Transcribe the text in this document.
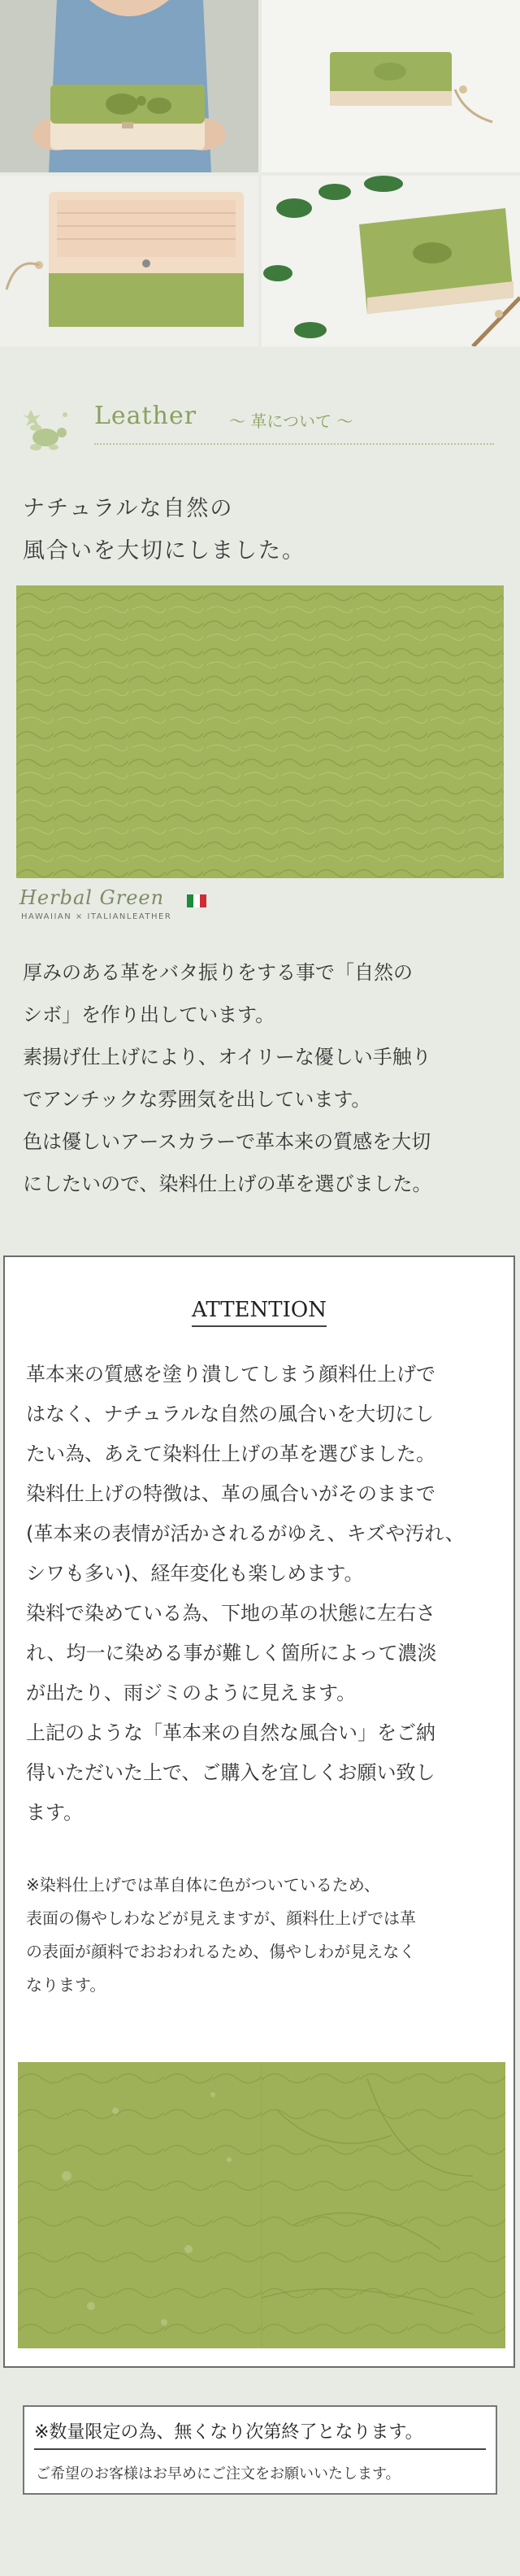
Leather 〜 革について 〜
ナチュラルな自然の
風合いを大切にしました。
Herbal Green
HAWAIIAN × ITALIANLEATHER

厚みのある革をバタ振りをする事で「自然の

シボ」を作り出しています。

素揚げ仕上げにより、オイリーな優しい手触り

でアンチックな雰囲気を出しています。

色は優しいアースカラーで革本来の質感を大切

にしたいので、染料仕上げの革を選びました。

ATTENTION

革本来の質感を塗り潰してしまう顔料仕上げで

はなく、ナチュラルな自然の風合いを大切にし

たい為、あえて染料仕上げの革を選びました。

染料仕上げの特徴は、革の風合いがそのままで

(革本来の表情が活かされるがゆえ、キズや汚れ、

シワも多い)、経年変化も楽しめます。

染料で染めている為、下地の革の状態に左右さ

れ、均一に染める事が難しく箇所によって濃淡

が出たり、雨ジミのように見えます。

上記のような「革本来の自然な風合い」をご納

得いただいた上で、ご購入を宜しくお願い致し

ます。

※染料仕上げでは革自体に色がついているため、

表面の傷やしわなどが見えますが、顔料仕上げでは革

の表面が顔料でおおわれるため、傷やしわが見えなく

なります。

※数量限定の為、無くなり次第終了となります。
ご希望のお客様はお早めにご注文をお願いいたします。
